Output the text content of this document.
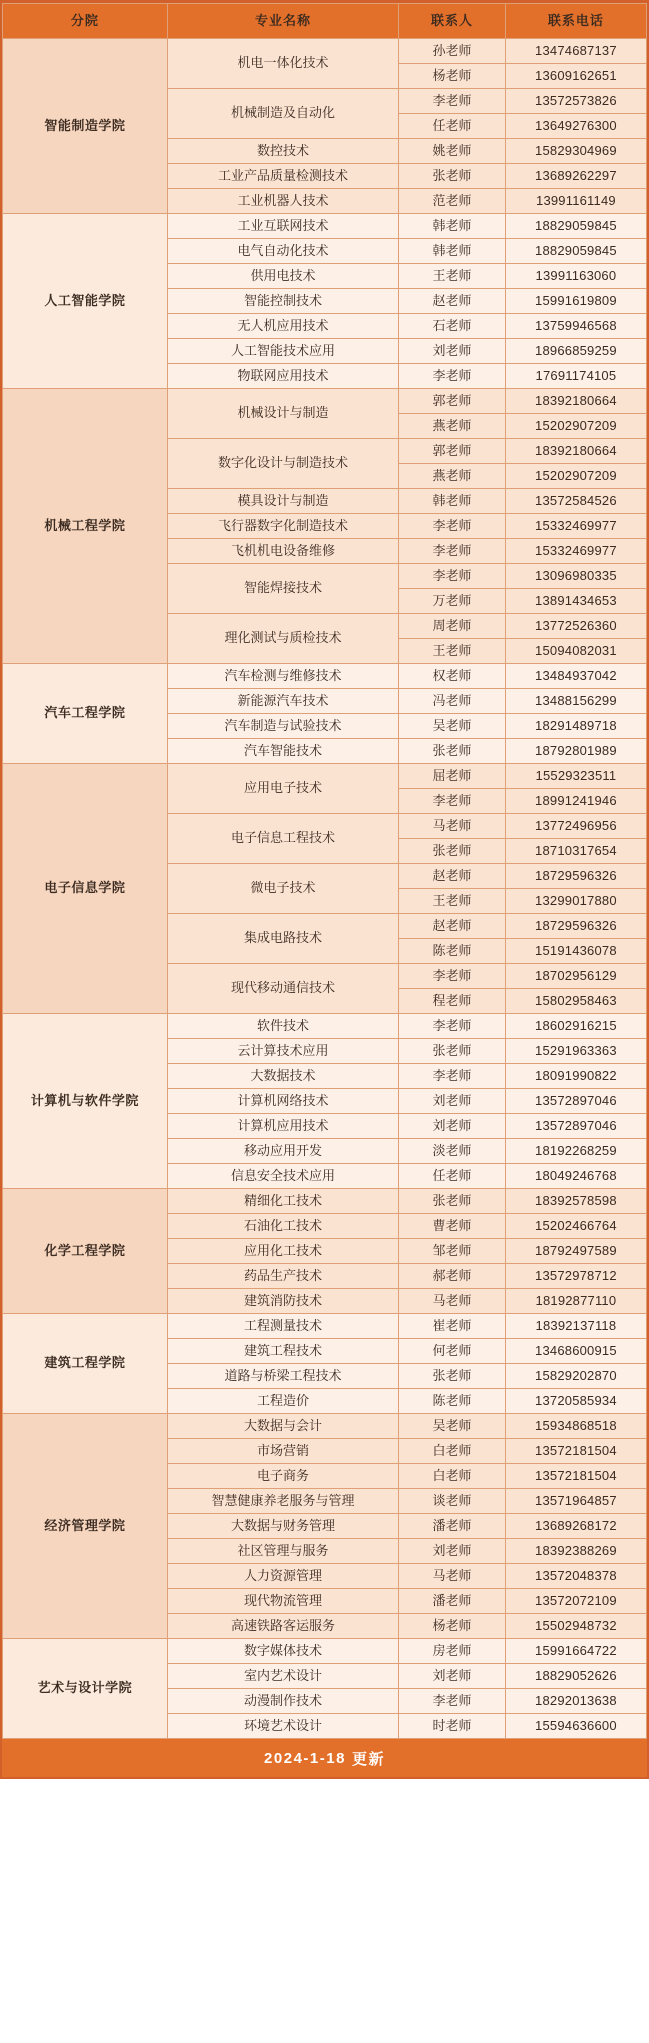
分院	专业名称	联系人	联系电话
智能制造学院	机电一体化技术	孙老师	13474687137
		杨老师	13609162651
	机械制造及自动化	李老师	13572573826
		任老师	13649276300
	数控技术	姚老师	15829304969
	工业产品质量检测技术	张老师	13689262297
	工业机器人技术	范老师	13991161149
人工智能学院	工业互联网技术	韩老师	18829059845
	电气自动化技术	韩老师	18829059845
	供用电技术	王老师	13991163060
	智能控制技术	赵老师	15991619809
	无人机应用技术	石老师	13759946568
	人工智能技术应用	刘老师	18966859259
	物联网应用技术	李老师	17691174105
机械工程学院	机械设计与制造	郭老师	18392180664
		燕老师	15202907209
	数字化设计与制造技术	郭老师	18392180664
		燕老师	15202907209
	模具设计与制造	韩老师	13572584526
	飞行器数字化制造技术	李老师	15332469977
	飞机机电设备维修	李老师	15332469977
	智能焊接技术	李老师	13096980335
		万老师	13891434653
	理化测试与质检技术	周老师	13772526360
		王老师	15094082031
汽车工程学院	汽车检测与维修技术	权老师	13484937042
	新能源汽车技术	冯老师	13488156299
	汽车制造与试验技术	吴老师	18291489718
	汽车智能技术	张老师	18792801989
电子信息学院	应用电子技术	屈老师	15529323511
		李老师	18991241946
	电子信息工程技术	马老师	13772496956
		张老师	18710317654
	微电子技术	赵老师	18729596326
		王老师	13299017880
	集成电路技术	赵老师	18729596326
		陈老师	15191436078
	现代移动通信技术	李老师	18702956129
		程老师	15802958463
计算机与软件学院	软件技术	李老师	18602916215
	云计算技术应用	张老师	15291963363
	大数据技术	李老师	18091990822
	计算机网络技术	刘老师	13572897046
	计算机应用技术	刘老师	13572897046
	移动应用开发	淡老师	18192268259
	信息安全技术应用	任老师	18049246768
化学工程学院	精细化工技术	张老师	18392578598
	石油化工技术	曹老师	15202466764
	应用化工技术	邹老师	18792497589
	药品生产技术	郝老师	13572978712
	建筑消防技术	马老师	18192877110
建筑工程学院	工程测量技术	崔老师	18392137118
	建筑工程技术	何老师	13468600915
	道路与桥梁工程技术	张老师	15829202870
	工程造价	陈老师	13720585934
经济管理学院	大数据与会计	吴老师	15934868518
	市场营销	白老师	13572181504
	电子商务	白老师	13572181504
	智慧健康养老服务与管理	谈老师	13571964857
	大数据与财务管理	潘老师	13689268172
	社区管理与服务	刘老师	18392388269
	人力资源管理	马老师	13572048378
	现代物流管理	潘老师	13572072109
	高速铁路客运服务	杨老师	15502948732
艺术与设计学院	数字媒体技术	房老师	15991664722
	室内艺术设计	刘老师	18829052626
	动漫制作技术	李老师	18292013638
	环境艺术设计	时老师	15594636600
2024-1-18 更新
